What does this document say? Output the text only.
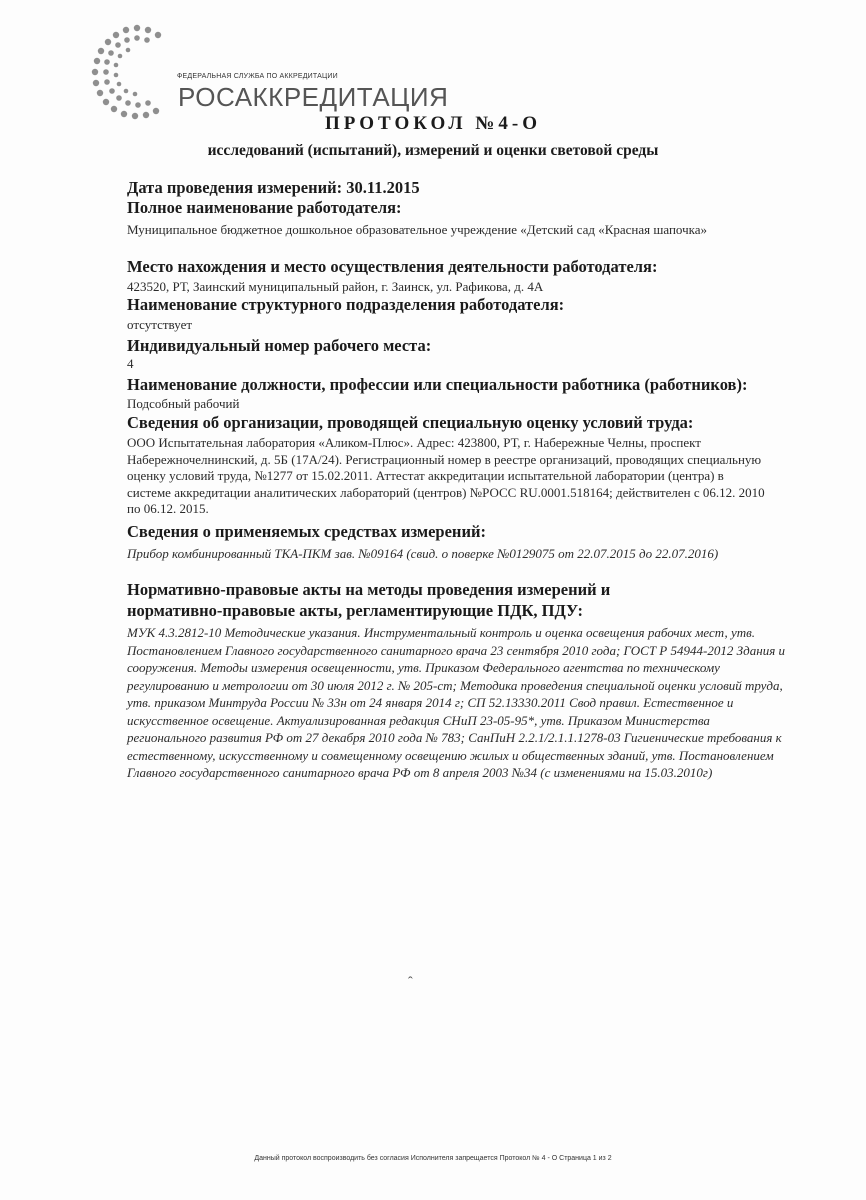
ФЕДЕРАЛЬНАЯ СЛУЖБА ПО АККРЕДИТАЦИИ
РОСАККРЕДИТАЦИЯ
ПРОТОКОЛ №4-О
исследований (испытаний), измерений и оценки световой среды
Дата проведения измерений: 30.11.2015
Полное наименование работодателя:
Муниципальное бюджетное дошкольное образовательное учреждение «Детский сад «Красная шапочка»
Место нахождения и место осуществления деятельности работодателя:
423520, РТ, Заинский муниципальный район, г. Заинск, ул. Рафикова, д. 4А
Наименование структурного подразделения работодателя:
отсутствует
Индивидуальный номер рабочего места:
4
Наименование должности, профессии или специальности работника (работников):
Подсобный рабочий
Сведения об организации, проводящей специальную оценку условий труда:
ООО Испытательная лаборатория «Аликом-Плюс». Адрес: 423800, РТ, г. Набережные Челны, проспект Набережночелнинский, д. 5Б (17А/24). Регистрационный номер в реестре организаций, проводящих специальную оценку условий труда, №1277 от 15.02.2011. Аттестат аккредитации испытательной лаборатории (центра) в системе аккредитации аналитических лабораторий (центров) №РОСС RU.0001.518164; действителен с 06.12. 2010 по 06.12. 2015.
Сведения о применяемых средствах измерений:
Прибор комбинированный ТКА-ПКМ зав. №09164 (свид. о поверке №0129075 от 22.07.2015 до 22.07.2016)
Нормативно-правовые акты на методы проведения измерений и
нормативно-правовые акты, регламентирующие ПДК, ПДУ:
МУК 4.3.2812-10 Методические указания. Инструментальный контроль и оценка освещения рабочих мест, утв. Постановлением Главного государственного санитарного врача 23 сентября 2010 года; ГОСТ Р 54944-2012 Здания и сооружения. Методы измерения освещенности, утв. Приказом Федерального агентства по техническому регулированию и метрологии от 30 июля 2012 г. № 205-ст; Методика проведения специальной оценки условий труда, утв. приказом Минтруда России № 33н от 24 января 2014 г; СП 52.13330.2011 Свод правил. Естественное и искусственное освещение. Актуализированная редакция СНиП 23-05-95*, утв. Приказом Министерства регионального развития РФ от 27 декабря 2010 года № 783; СанПиН 2.2.1/2.1.1.1278-03 Гигиенические требования к естественному, искусственному и совмещенному освещению жилых и общественных зданий, утв. Постановлением Главного государственного санитарного врача РФ от 8 апреля 2003 №34 (с изменениями на 15.03.2010г)
ˆ
Данный протокол воспроизводить без согласия Исполнителя запрещается Протокол № 4 - О Страница 1 из 2
